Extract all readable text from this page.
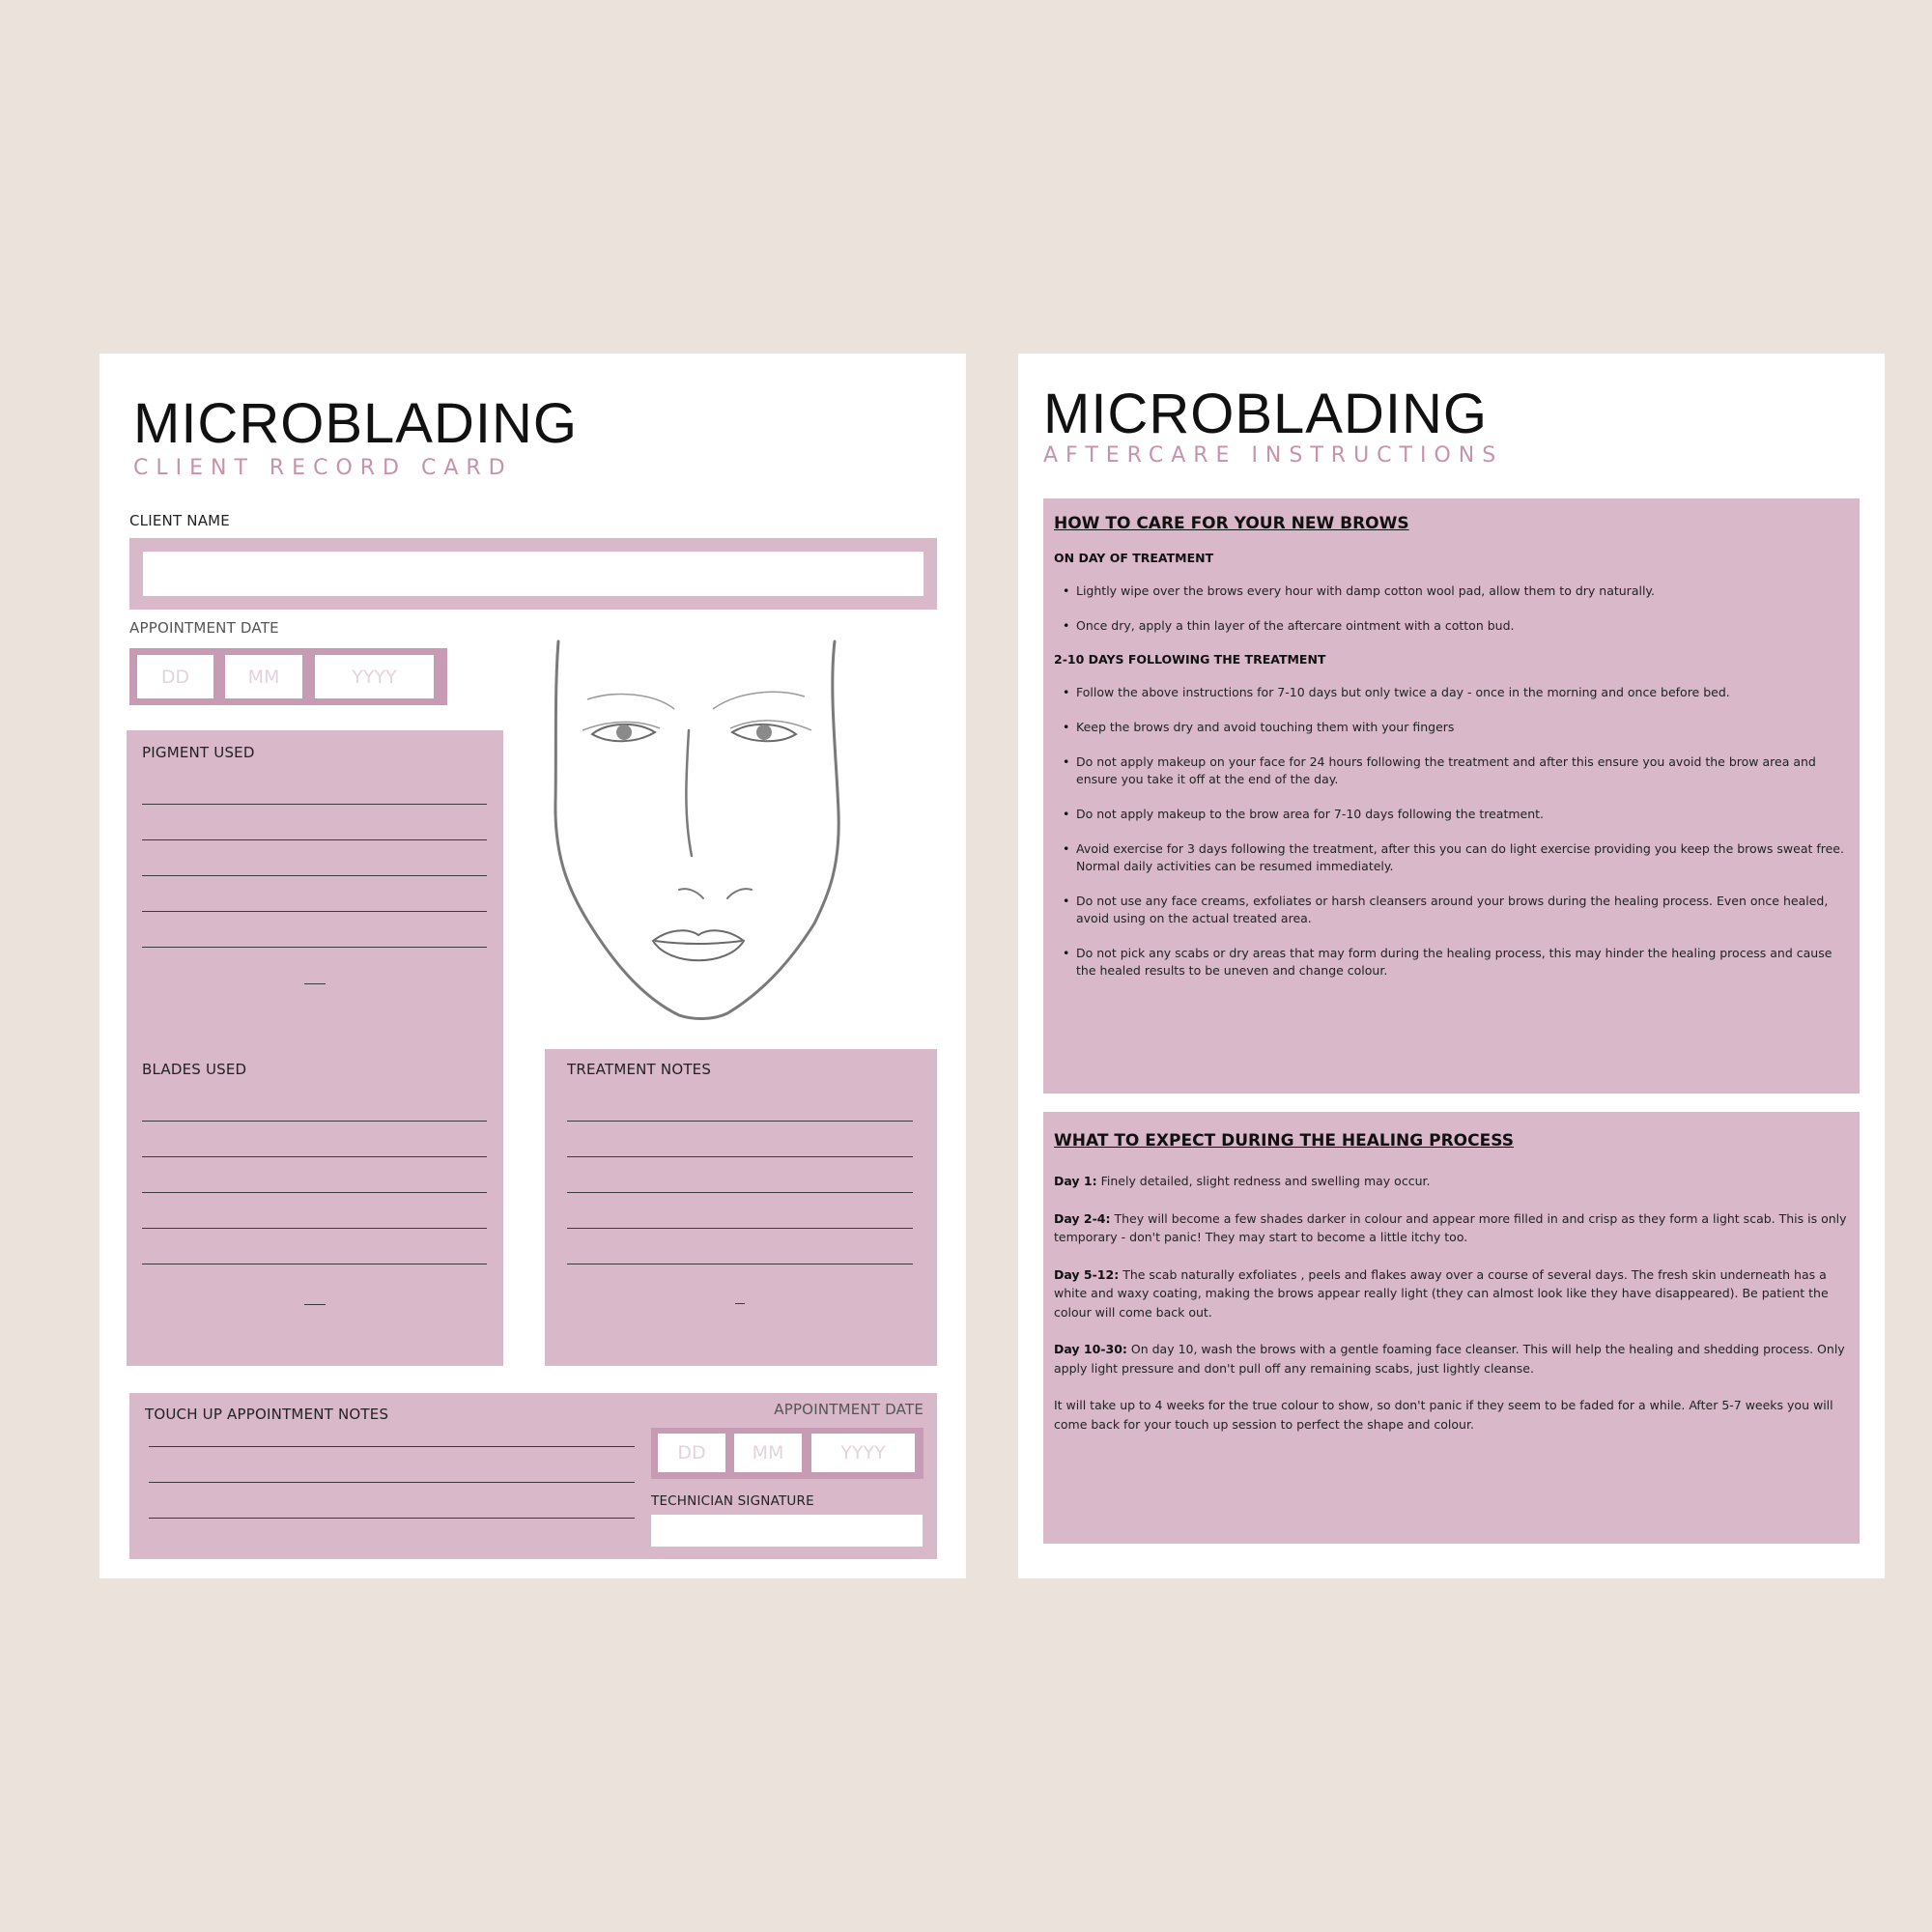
MICROBLADING
CLIENT RECORD CARD
CLIENT NAME
APPOINTMENT DATE
DD	MM	YYYY
PIGMENT USED
BLADES USED	TREATMENT NOTES
TOUCH UP APPOINTMENT NOTES	APPOINTMENT DATE
DD	MM	YYYY
TECHNICIAN SIGNATURE
MICROBLADING
AFTERCARE INSTRUCTIONS
HOW TO CARE FOR YOUR NEW BROWS
ON DAY OF TREATMENT
• Lightly wipe over the brows every hour with damp cotton wool pad, allow them to dry naturally.
• Once dry, apply a thin layer of the aftercare ointment with a cotton bud.
2-10 DAYS FOLLOWING THE TREATMENT
• Follow the above instructions for 7-10 days but only twice a day - once in the morning and once before bed.
• Keep the brows dry and avoid touching them with your fingers
• Do not apply makeup on your face for 24 hours following the treatment and after this ensure you avoid the brow area and ensure you take it off at the end of the day.
• Do not apply makeup to the brow area for 7-10 days following the treatment.
• Avoid exercise for 3 days following the treatment, after this you can do light exercise providing you keep the brows sweat free. Normal daily activities can be resumed immediately.
• Do not use any face creams, exfoliates or harsh cleansers around your brows during the healing process. Even once healed, avoid using on the actual treated area.
• Do not pick any scabs or dry areas that may form during the healing process, this may hinder the healing process and cause the healed results to be uneven and change colour.
WHAT TO EXPECT DURING THE HEALING PROCESS

Day 1: Finely detailed, slight redness and swelling may occur.

Day 2-4: They will become a few shades darker in colour and appear more filled in and crisp as they form a light scab. This is only temporary - don't panic! They may start to become a little itchy too.

Day 5-12: The scab naturally exfoliates , peels and flakes away over a course of several days. The fresh skin underneath has a white and waxy coating, making the brows appear really light (they can almost look like they have disappeared). Be patient the colour will come back out.

Day 10-30: On day 10, wash the brows with a gentle foaming face cleanser. This will help the healing and shedding process. Only apply light pressure and don't pull off any remaining scabs, just lightly cleanse.

It will take up to 4 weeks for the true colour to show, so don't panic if they seem to be faded for a while. After 5-7 weeks you will come back for your touch up session to perfect the shape and colour.
